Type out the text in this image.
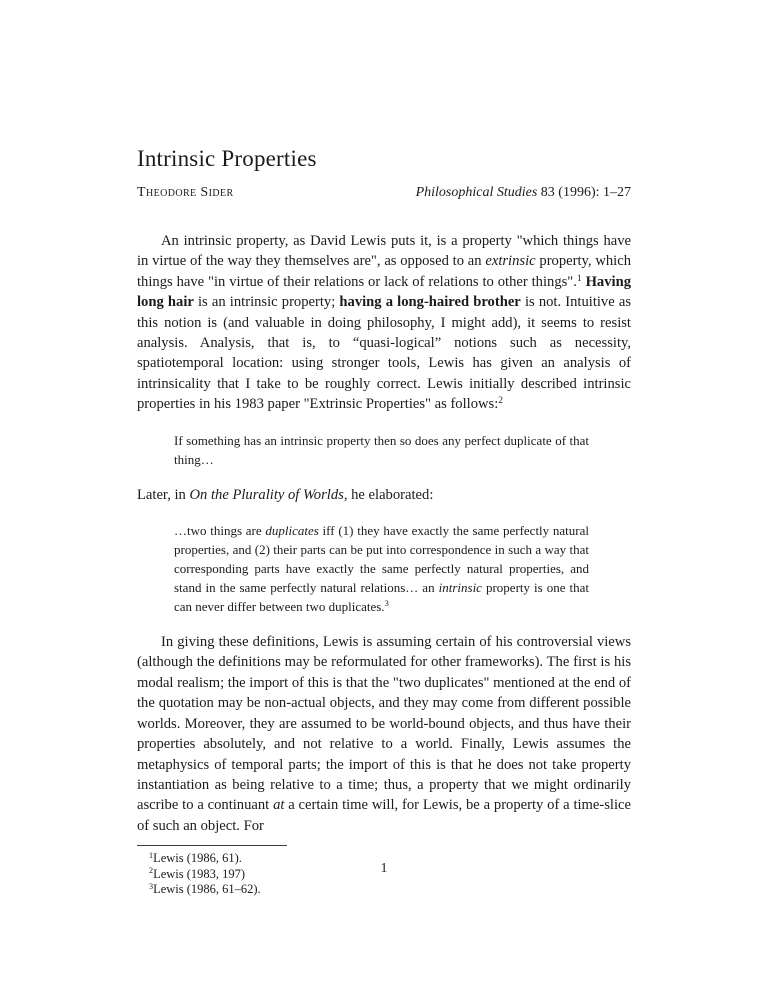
Intrinsic Properties
Theodore Sider	Philosophical Studies 83 (1996): 1–27

An intrinsic property, as David Lewis puts it, is a property "which things have in virtue of the way they themselves are", as opposed to an extrinsic property, which things have "in virtue of their relations or lack of relations to other things".$^1$ Having long hair is an intrinsic property; having a long-haired brother is not. Intuitive as this notion is (and valuable in doing philosophy, I might add), it seems to resist analysis. Analysis, that is, to “quasi-logical” notions such as necessity, spatiotemporal location: using stronger tools, Lewis has given an analysis of intrinsicality that I take to be roughly correct. Lewis initially described intrinsic properties in his 1983 paper "Extrinsic Properties" as follows:$^2$

If something has an intrinsic property then so does any perfect duplicate of that thing…

Later, in On the Plurality of Worlds, he elaborated:

…two things are duplicates iff (1) they have exactly the same perfectly natural properties, and (2) their parts can be put into correspondence in such a way that corresponding parts have exactly the same perfectly natural properties, and stand in the same perfectly natural relations… an intrinsic property is one that can never differ between two duplicates.$^3$

In giving these definitions, Lewis is assuming certain of his controversial views (although the definitions may be reformulated for other frameworks). The first is his modal realism; the import of this is that the "two duplicates" mentioned at the end of the quotation may be non-actual objects, and they may come from different possible worlds. Moreover, they are assumed to be world-bound objects, and thus have their properties absolutely, and not relative to a world. Finally, Lewis assumes the metaphysics of temporal parts; the import of this is that he does not take property instantiation as being relative to a time; thus, a property that we might ordinarily ascribe to a continuant at a certain time will, for Lewis, be a property of a time-slice of such an object. For

$^1$Lewis (1986, 61).
$^2$Lewis (1983, 197)
$^3$Lewis (1986, 61–62).
1
